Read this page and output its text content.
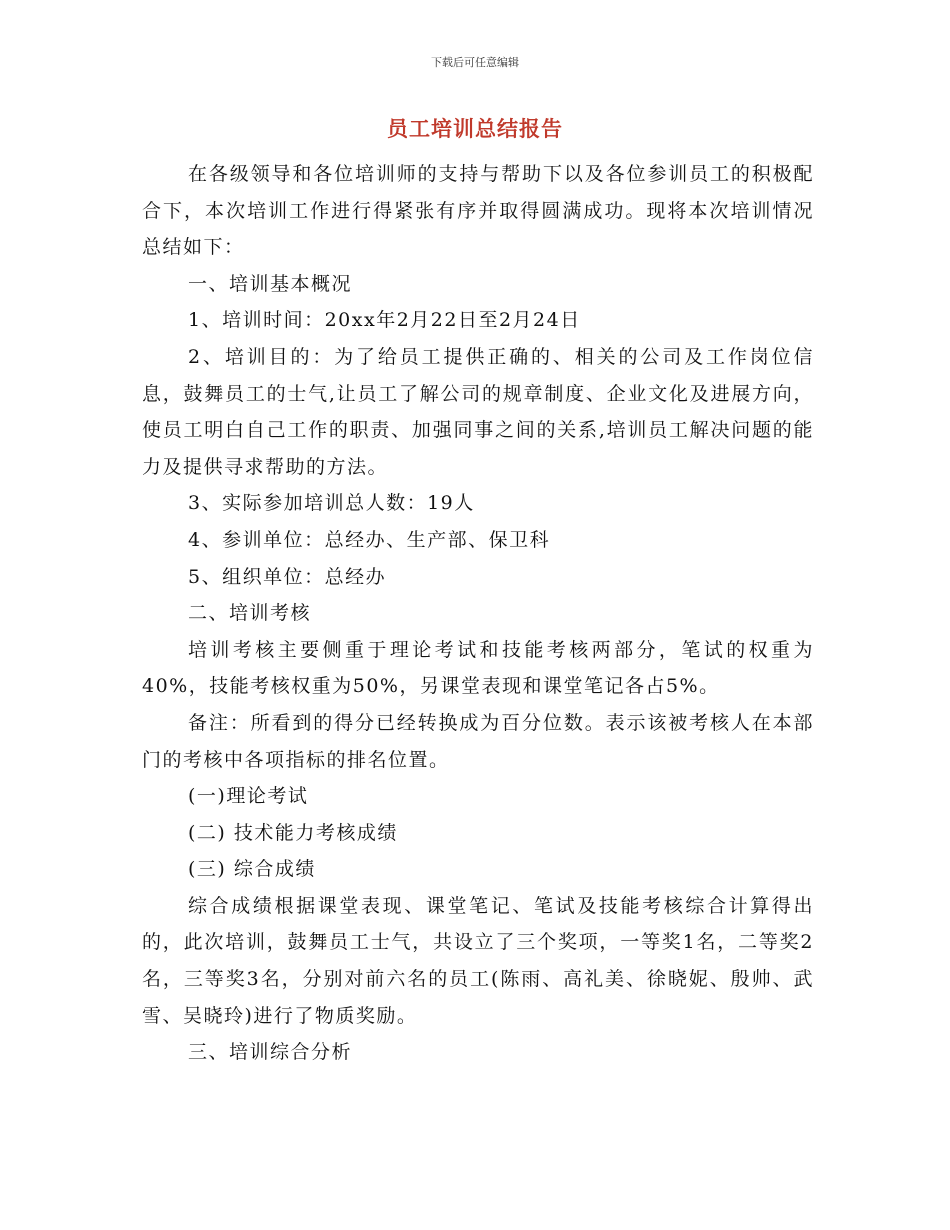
下载后可任意编辑
员工培训总结报告

在各级领导和各位培训师的支持与帮助下以及各位参训员工的积极配合下，本次培训工作进行得紧张有序并取得圆满成功。现将本次培训情况总结如下：

一、培训基本概况

1、培训时间：20xx年2月22日至2月24日

2、培训目的：为了给员工提供正确的、相关的公司及工作岗位信息，鼓舞员工的士气,让员工了解公司的规章制度、企业文化及进展方向，使员工明白自己工作的职责、加强同事之间的关系,培训员工解决问题的能力及提供寻求帮助的方法。

3、实际参加培训总人数：19人

4、参训单位：总经办、生产部、保卫科

5、组织单位：总经办

二、培训考核

培训考核主要侧重于理论考试和技能考核两部分，笔试的权重为40%，技能考核权重为50%，另课堂表现和课堂笔记各占5%。

备注：所看到的得分已经转换成为百分位数。表示该被考核人在本部门的考核中各项指标的排名位置。

(一)理论考试

(二) 技术能力考核成绩

(三) 综合成绩

综合成绩根据课堂表现、课堂笔记、笔试及技能考核综合计算得出的，此次培训，鼓舞员工士气，共设立了三个奖项，一等奖1名，二等奖2名，三等奖3名，分别对前六名的员工(陈雨、高礼美、徐晓妮、殷帅、武雪、吴晓玲)进行了物质奖励。

三、培训综合分析
